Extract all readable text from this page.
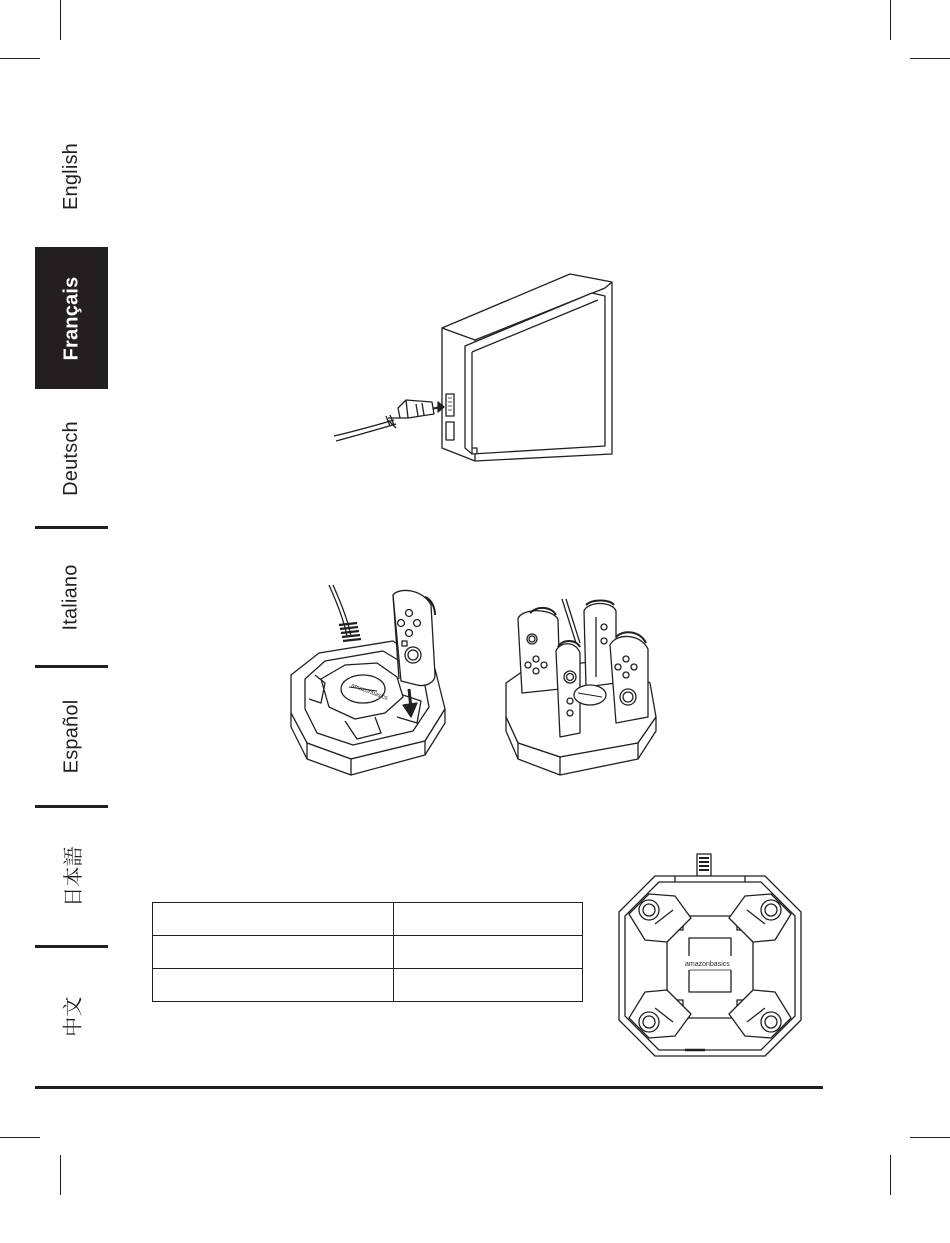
English
Français
Deutsch
Italiano
Español
日本語
中文
amazonbasics

amazonbasics
